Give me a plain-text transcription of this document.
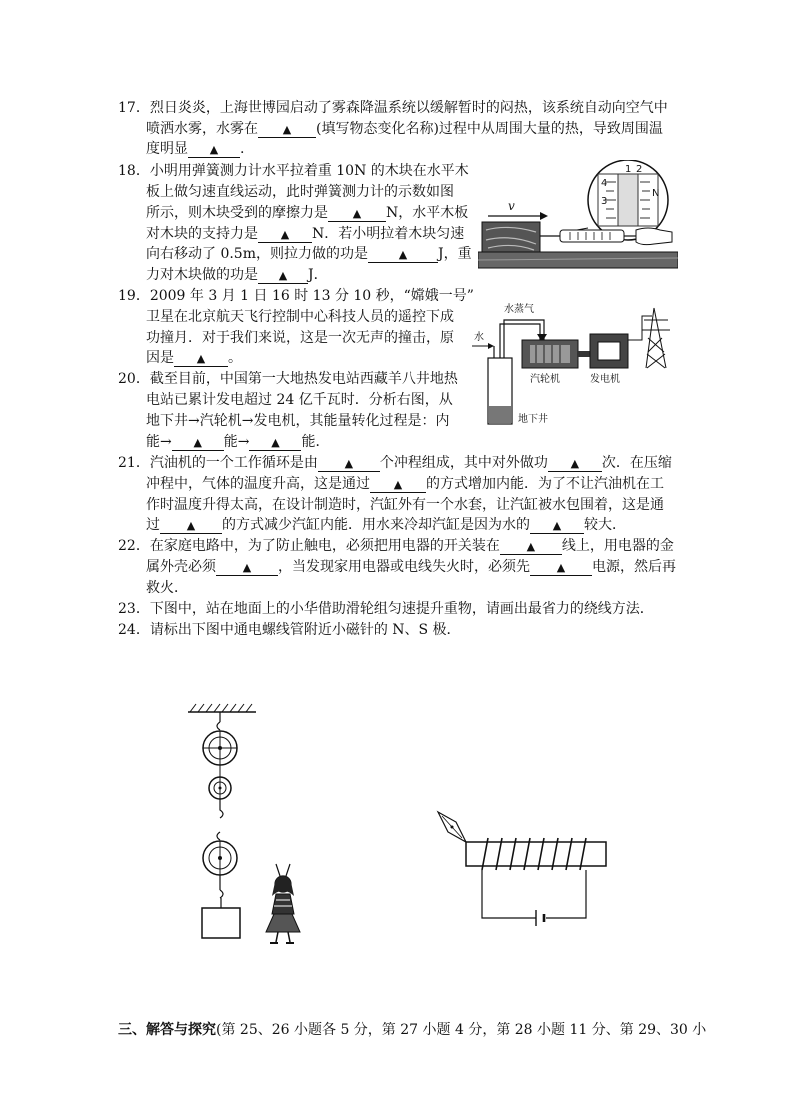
17．烈日炎炎，上海世博园启动了雾森降温系统以缓解暂时的闷热，该系统自动向空气中
喷洒水雾，水雾在 ▲ (填写物态变化名称)过程中从周围大量的热，导致周围温
度明显 ▲ .
18．小明用弹簧测力计水平拉着重 10N 的木块在水平木
板上做匀速直线运动，此时弹簧测力计的示数如图
所示，则木块受到的摩擦力是 ▲ N，水平木板
对木块的支持力是 ▲ N．若小明拉着木块匀速
向右移动了 0.5m，则拉力做的功是	▲ J，重
力对木块做的功是 ▲ J．
4
3
1 2
N
v
19．2009 年 3 月 1 日 16 时 13 分 10 秒，“嫦娥一号”
卫星在北京航天飞行控制中心科技人员的遥控下成
功撞月．对于我们来说，这是一次无声的撞击，原
因是 ▲ 。
20．截至目前，中国第一大地热发电站西藏羊八井地热
电站已累计发电超过 24 亿千瓦时．分析右图，从
地下井→汽轮机→发电机，其能量转化过程是：内
能→ ▲ 能→ ▲ 能．
水蒸气
水
地下井
汽轮机	发电机
21．汽油机的一个工作循环是由 ▲ 个冲程组成，其中对外做功 ▲ 次．在压缩
冲程中，气体的温度升高，这是通过 ▲ 的方式增加内能．为了不让汽油机在工
作时温度升得太高，在设计制造时，汽缸外有一个水套，让汽缸被水包围着，这是通
过 ▲ 的方式减少汽缸内能．用水来冷却汽缸是因为水的 ▲ 较大．
22．在家庭电路中，为了防止触电，必须把用电器的开关装在 ▲ 线上，用电器的金
属外壳必须 ▲ ，当发现家用电器或电线失火时，必须先 ▲ 电源，然后再
救火．
23．下图中，站在地面上的小华借助滑轮组匀速提升重物，请画出最省力的绕线方法．
24．请标出下图中通电螺线管附近小磁针的 N、S 极．
三、解答与探究(第 25、26 小题各 5 分，第 27 小题 4 分，第 28 小题 11 分、第 29、30 小
